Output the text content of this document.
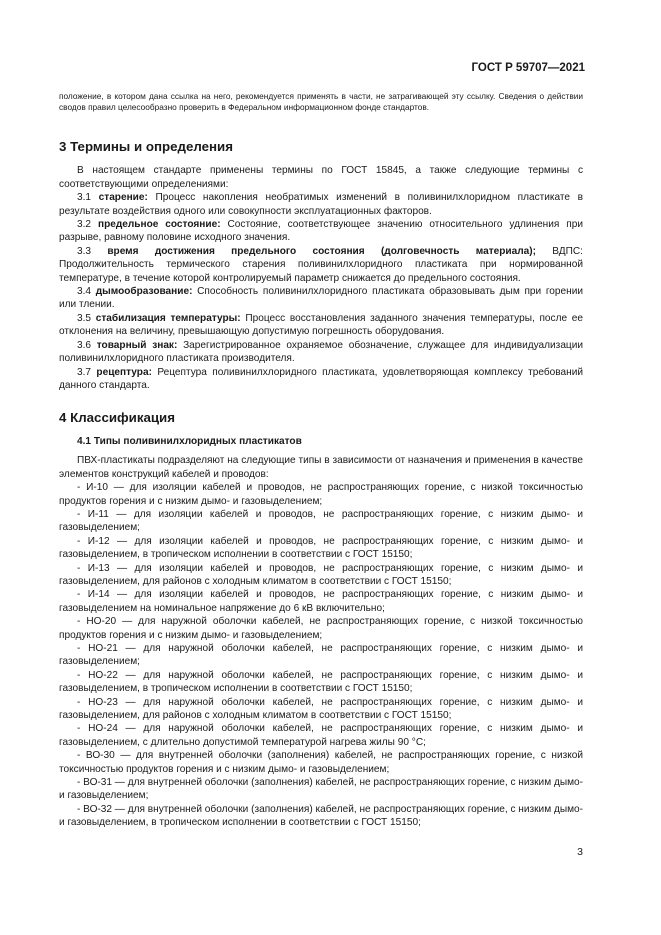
ГОСТ Р 59707—2021

положение, в котором дана ссылка на него, рекомендуется применять в части, не затрагивающей эту ссылку. Сведения о действии сводов правил целесообразно проверить в Федеральном информационном фонде стандартов.

3 Термины и определения

В настоящем стандарте применены термины по ГОСТ 15845, а также следующие термины с соответствующими определениями:

3.1 старение: Процесс накопления необратимых изменений в поливинилхлоридном пластикате в результате воздействия одного или совокупности эксплуатационных факторов.

3.2 предельное состояние: Состояние, соответствующее значению относительного удлинения при разрыве, равному половине исходного значения.

3.3 время достижения предельного состояния (долговечность материала); ВДПС: Продолжительность термического старения поливинилхлоридного пластиката при нормированной температуре, в течение которой контролируемый параметр снижается до предельного состояния.

3.4 дымообразование: Способность поливинилхлоридного пластиката образовывать дым при горении или тлении.

3.5 стабилизация температуры: Процесс восстановления заданного значения температуры, после ее отклонения на величину, превышающую допустимую погрешность оборудования.

3.6 товарный знак: Зарегистрированное охраняемое обозначение, служащее для индивидуализации поливинилхлоридного пластиката производителя.

3.7 рецептура: Рецептура поливинилхлоридного пластиката, удовлетворяющая комплексу требований данного стандарта.

4 Классификация

4.1 Типы поливинилхлоридных пластикатов

ПВХ-пластикаты подразделяют на следующие типы в зависимости от назначения и применения в качестве элементов конструкций кабелей и проводов:

- И-10 — для изоляции кабелей и проводов, не распространяющих горение, с низкой токсичностью продуктов горения и с низким дымо- и газовыделением;

- И-11 — для изоляции кабелей и проводов, не распространяющих горение, с низким дымо- и газовыделением;

- И-12 — для изоляции кабелей и проводов, не распространяющих горение, с низким дымо- и газовыделением, в тропическом исполнении в соответствии с ГОСТ 15150;

- И-13 — для изоляции кабелей и проводов, не распространяющих горение, с низким дымо- и газовыделением, для районов с холодным климатом в соответствии с ГОСТ 15150;

- И-14 — для изоляции кабелей и проводов, не распространяющих горение, с низким дымо- и газовыделением на номинальное напряжение до 6 кВ включительно;

- НО-20 — для наружной оболочки кабелей, не распространяющих горение, с низкой токсичностью продуктов горения и с низким дымо- и газовыделением;

- НО-21 — для наружной оболочки кабелей, не распространяющих горение, с низким дымо- и газовыделением;

- НО-22 — для наружной оболочки кабелей, не распространяющих горение, с низким дымо- и газовыделением, в тропическом исполнении в соответствии с ГОСТ 15150;

- НО-23 — для наружной оболочки кабелей, не распространяющих горение, с низким дымо- и газовыделением, для районов с холодным климатом в соответствии с ГОСТ 15150;

- НО-24 — для наружной оболочки кабелей, не распространяющих горение, с низким дымо- и газовыделением, с длительно допустимой температурой нагрева жилы 90 °С;

- ВО-30 — для внутренней оболочки (заполнения) кабелей, не распространяющих горение, с низкой токсичностью продуктов горения и с низким дымо- и газовыделением;

- ВО-31 — для внутренней оболочки (заполнения) кабелей, не распространяющих горение, с низким дымо- и газовыделением;

- ВО-32 — для внутренней оболочки (заполнения) кабелей, не распространяющих горение, с низким дымо- и газовыделением, в тропическом исполнении в соответствии с ГОСТ 15150;

3
